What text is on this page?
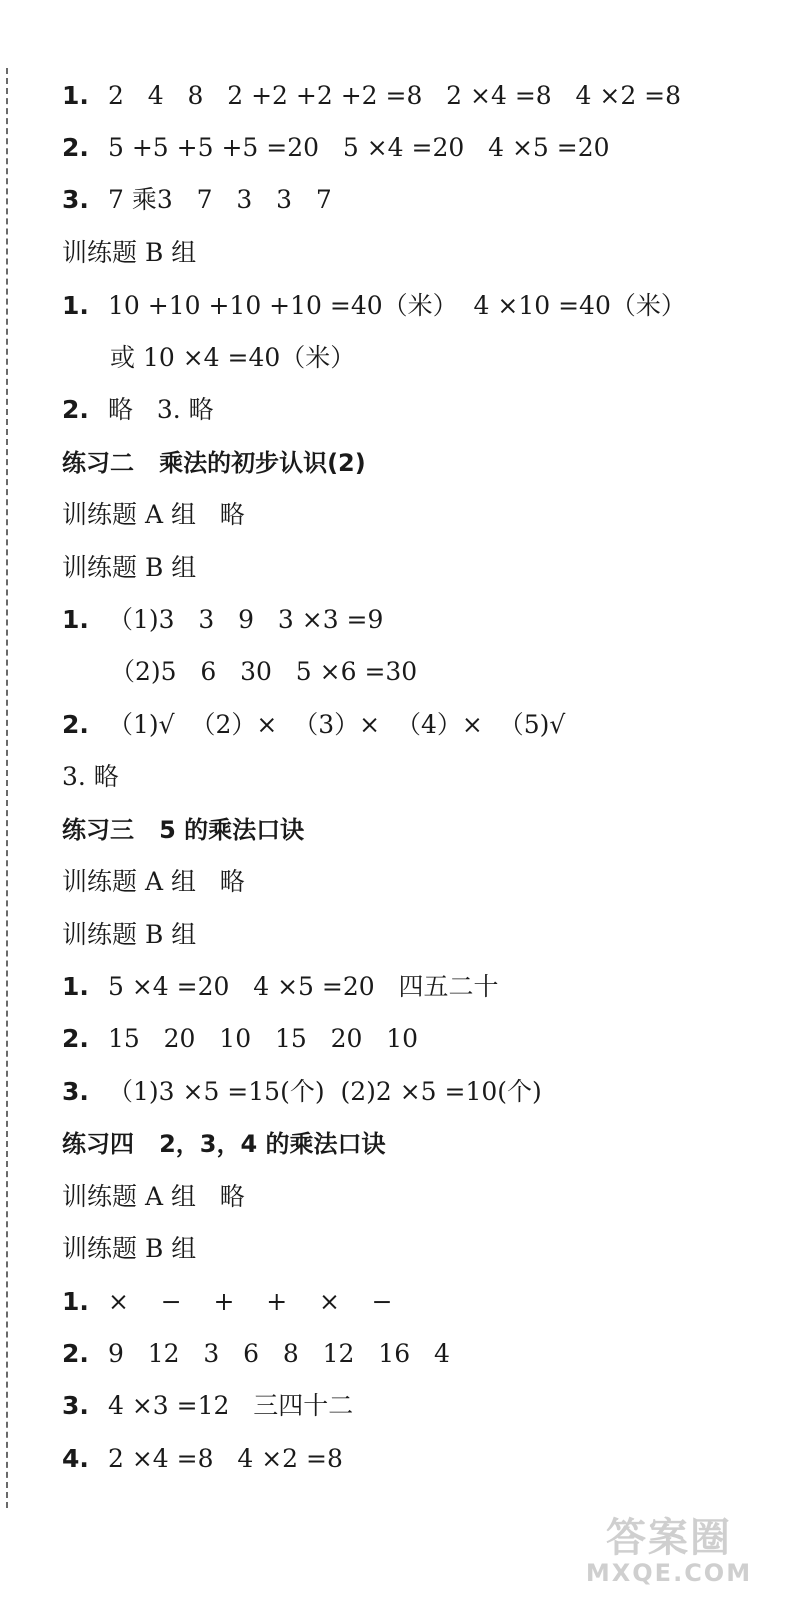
1. 2   4   8   2 +2 +2 +2 =8   2 ×4 =8   4 ×2 =8
2. 5 +5 +5 +5 =20   5 ×4 =20   4 ×5 =20
3. 7 乘3   7   3   3   7
训练题 B 组
1. 10 +10 +10 +10 =40（米）  4 ×10 =40（米）
或 10 ×4 =40（米）
2. 略   3. 略
练习二   乘法的初步认识(2)
训练题 A 组   略
训练题 B 组
1. （1)3   3   9   3 ×3 =9
（2)5   6   30   5 ×6 =30
2. （1)√  （2）×  （3）×  （4）×  （5)√
3. 略
练习三   5 的乘法口诀
训练题 A 组   略
训练题 B 组
1. 5 ×4 =20   4 ×5 =20   四五二十
2. 15   20   10   15   20   10
3. （1)3 ×5 =15(个)  (2)2 ×5 =10(个)
练习四   2，3，4 的乘法口诀
训练题 A 组   略
训练题 B 组
1. ×    −    +    +    ×    −
2. 9   12   3   6   8   12   16   4
3. 4 ×3 =12   三四十二
4. 2 ×4 =8   4 ×2 =8
答案圈
MXQE.COM
